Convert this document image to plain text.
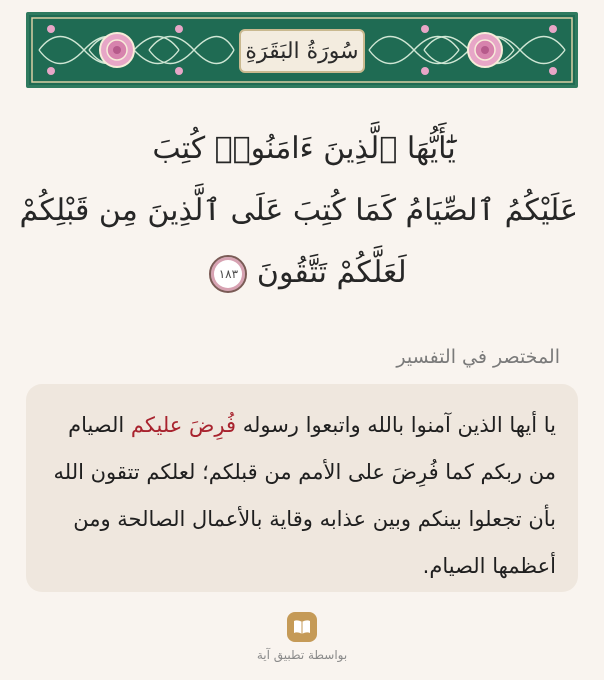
سُورَةُ البَقَرَةِ
يَٰٓأَيُّهَا ٱلَّذِينَ ءَامَنُوا۟ كُتِبَ
عَلَيْكُمُ ٱلصِّيَامُ كَمَا كُتِبَ عَلَى ٱلَّذِينَ مِن قَبْلِكُمْ
لَعَلَّكُمْ تَتَّقُونَ ١٨٣
المختصر في التفسير
يا أيها الذين آمنوا بالله واتبعوا رسوله فُرِضَ عليكم الصيام من ربكم كما فُرِضَ على الأمم من قبلكم؛ لعلكم تتقون الله بأن تجعلوا بينكم وبين عذابه وقاية بالأعمال الصالحة ومن أعظمها الصيام.
بواسطة تطبيق آية
